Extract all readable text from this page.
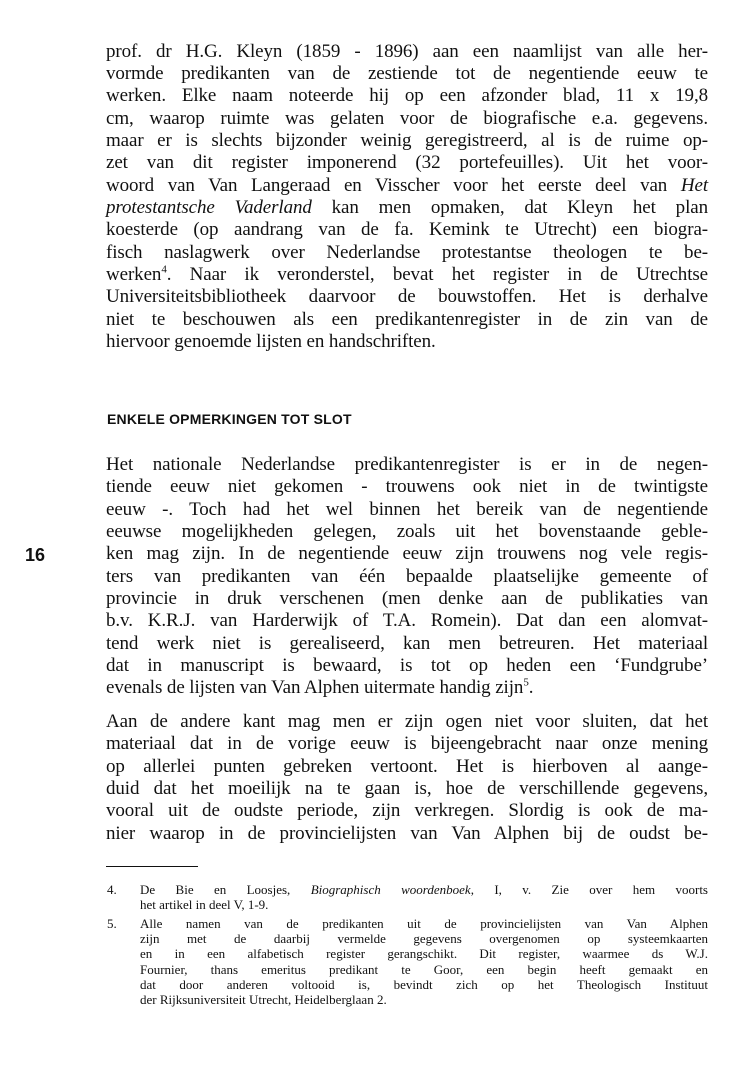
prof. dr H.G. Kleyn (1859 - 1896) aan een naamlijst van alle her-

vormde predikanten van de zestiende tot de negentiende eeuw te

werken. Elke naam noteerde hij op een afzonder blad, 11 x 19,8

cm, waarop ruimte was gelaten voor de biografische e.a. gegevens.

maar er is slechts bijzonder weinig geregistreerd, al is de ruime op-

zet van dit register imponerend (32 portefeuilles). Uit het voor-

woord van Van Langeraad en Visscher voor het eerste deel van Het

protestantsche Vaderland kan men opmaken, dat Kleyn het plan

koesterde (op aandrang van de fa. Kemink te Utrecht) een biogra-

fisch naslagwerk over Nederlandse protestantse theologen te be-

werken$^4$. Naar ik veronderstel, bevat het register in de Utrechtse

Universiteitsbibliotheek daarvoor de bouwstoffen. Het is derhalve

niet te beschouwen als een predikantenregister in de zin van de

hiervoor genoemde lijsten en handschriften.

ENKELE OPMERKINGEN TOT SLOT
16

Het nationale Nederlandse predikantenregister is er in de negen-

tiende eeuw niet gekomen - trouwens ook niet in de twintigste

eeuw -. Toch had het wel binnen het bereik van de negentiende

eeuwse mogelijkheden gelegen, zoals uit het bovenstaande geble-

ken mag zijn. In de negentiende eeuw zijn trouwens nog vele regis-

ters van predikanten van één bepaalde plaatselijke gemeente of

provincie in druk verschenen (men denke aan de publikaties van

b.v. K.R.J. van Harderwijk of T.A. Romein). Dat dan een alomvat-

tend werk niet is gerealiseerd, kan men betreuren. Het materiaal

dat in manuscript is bewaard, is tot op heden een ‘Fundgrube’

evenals de lijsten van Van Alphen uitermate handig zijn$^5$.

Aan de andere kant mag men er zijn ogen niet voor sluiten, dat het

materiaal dat in de vorige eeuw is bijeengebracht naar onze mening

op allerlei punten gebreken vertoont. Het is hierboven al aange-

duid dat het moeilijk na te gaan is, hoe de verschillende gegevens,

vooral uit de oudste periode, zijn verkregen. Slordig is ook de ma-

nier waarop in de provincielijsten van Van Alphen bij de oudst be-

4. De Bie en Loosjes, Biographisch woordenboek, I, v. Zie over hem voorts

het artikel in deel V, 1-9.

5. Alle namen van de predikanten uit de provincielijsten van Van Alphen

zijn met de daarbij vermelde gegevens overgenomen op systeemkaarten

en in een alfabetisch register gerangschikt. Dit register, waarmee ds W.J.

Fournier, thans emeritus predikant te Goor, een begin heeft gemaakt en

dat door anderen voltooid is, bevindt zich op het Theologisch Instituut

der Rijksuniversiteit Utrecht, Heidelberglaan 2.
